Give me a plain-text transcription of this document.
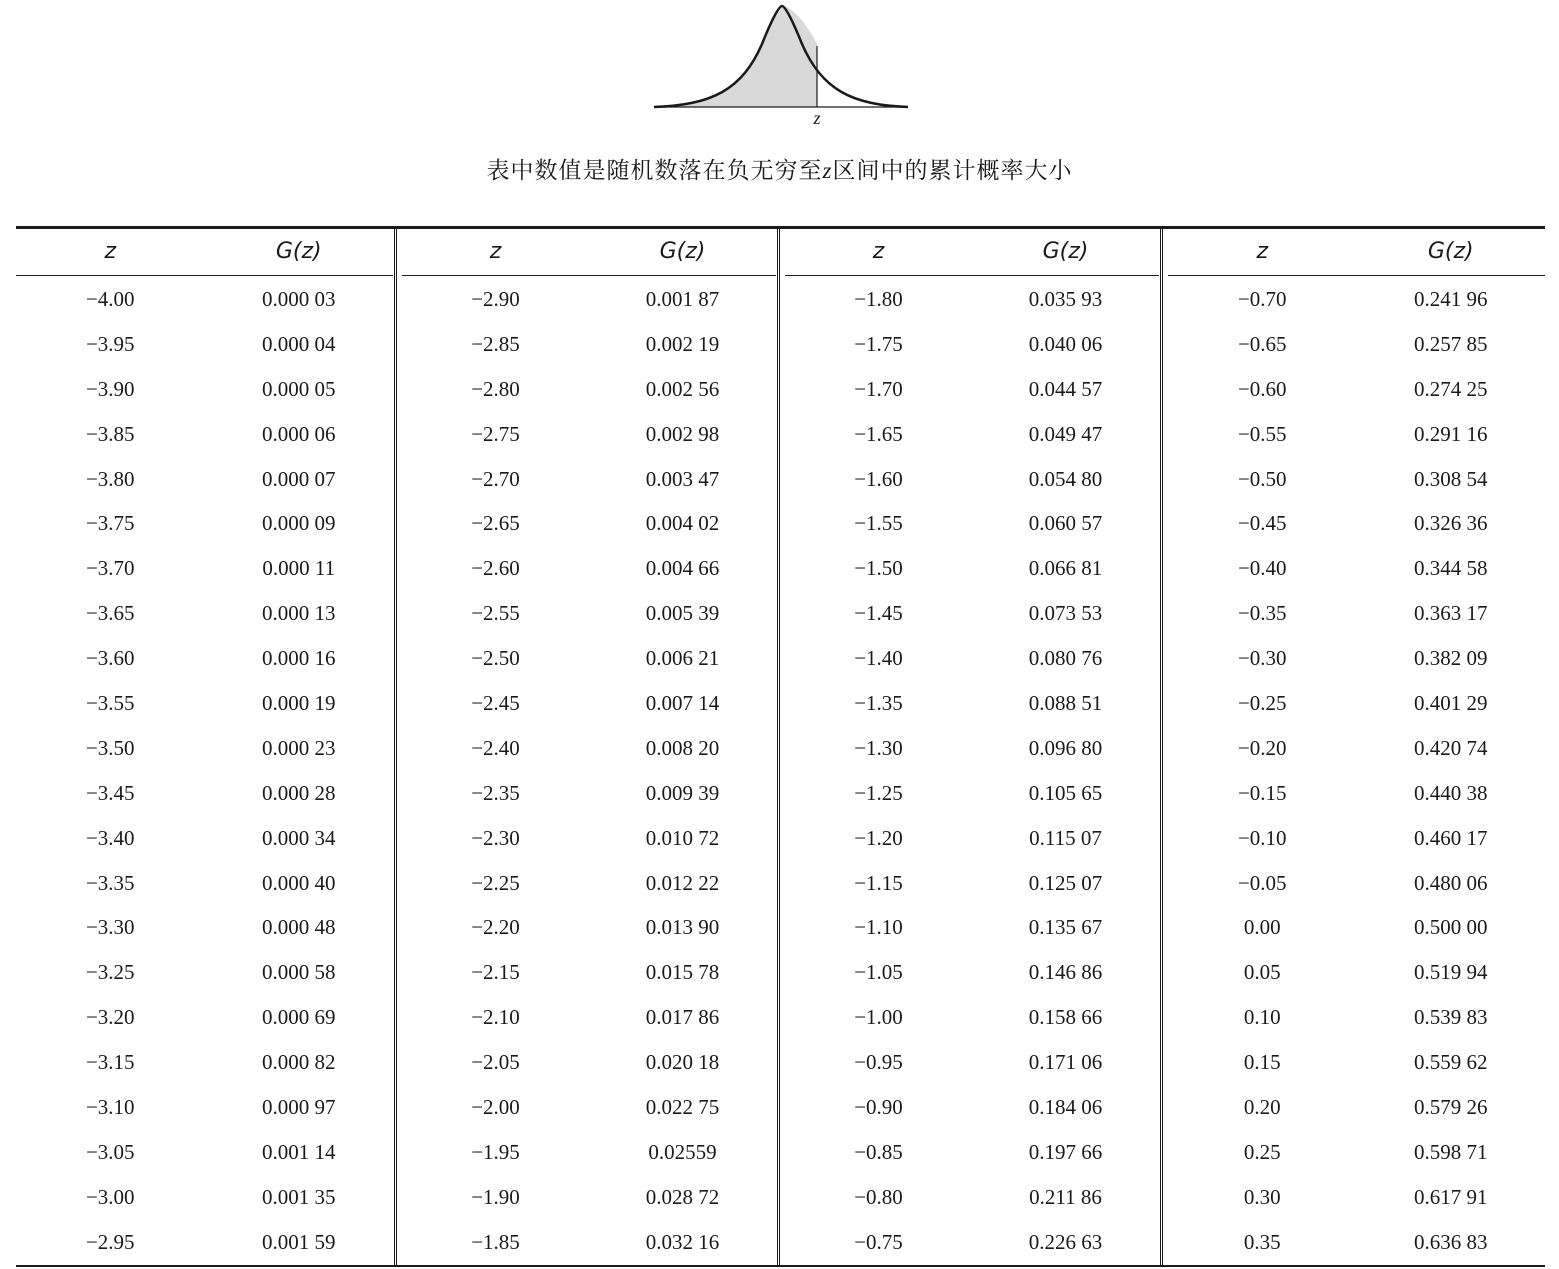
z
表中数值是随机数落在负无穷至z区间中的累计概率大小
z	G(z)
−4.00	0.000 03
−3.95	0.000 04
−3.90	0.000 05
−3.85	0.000 06
−3.80	0.000 07
−3.75	0.000 09
−3.70	0.000 11
−3.65	0.000 13
−3.60	0.000 16
−3.55	0.000 19
−3.50	0.000 23
−3.45	0.000 28
−3.40	0.000 34
−3.35	0.000 40
−3.30	0.000 48
−3.25	0.000 58
−3.20	0.000 69
−3.15	0.000 82
−3.10	0.000 97
−3.05	0.001 14
−3.00	0.001 35
−2.95	0.001 59
z	G(z)
−2.90	0.001 87
−2.85	0.002 19
−2.80	0.002 56
−2.75	0.002 98
−2.70	0.003 47
−2.65	0.004 02
−2.60	0.004 66
−2.55	0.005 39
−2.50	0.006 21
−2.45	0.007 14
−2.40	0.008 20
−2.35	0.009 39
−2.30	0.010 72
−2.25	0.012 22
−2.20	0.013 90
−2.15	0.015 78
−2.10	0.017 86
−2.05	0.020 18
−2.00	0.022 75
−1.95	0.02559
−1.90	0.028 72
−1.85	0.032 16
z	G(z)
−1.80	0.035 93
−1.75	0.040 06
−1.70	0.044 57
−1.65	0.049 47
−1.60	0.054 80
−1.55	0.060 57
−1.50	0.066 81
−1.45	0.073 53
−1.40	0.080 76
−1.35	0.088 51
−1.30	0.096 80
−1.25	0.105 65
−1.20	0.115 07
−1.15	0.125 07
−1.10	0.135 67
−1.05	0.146 86
−1.00	0.158 66
−0.95	0.171 06
−0.90	0.184 06
−0.85	0.197 66
−0.80	0.211 86
−0.75	0.226 63
z	G(z)
−0.70	0.241 96
−0.65	0.257 85
−0.60	0.274 25
−0.55	0.291 16
−0.50	0.308 54
−0.45	0.326 36
−0.40	0.344 58
−0.35	0.363 17
−0.30	0.382 09
−0.25	0.401 29
−0.20	0.420 74
−0.15	0.440 38
−0.10	0.460 17
−0.05	0.480 06
0.00	0.500 00
0.05	0.519 94
0.10	0.539 83
0.15	0.559 62
0.20	0.579 26
0.25	0.598 71
0.30	0.617 91
0.35	0.636 83
